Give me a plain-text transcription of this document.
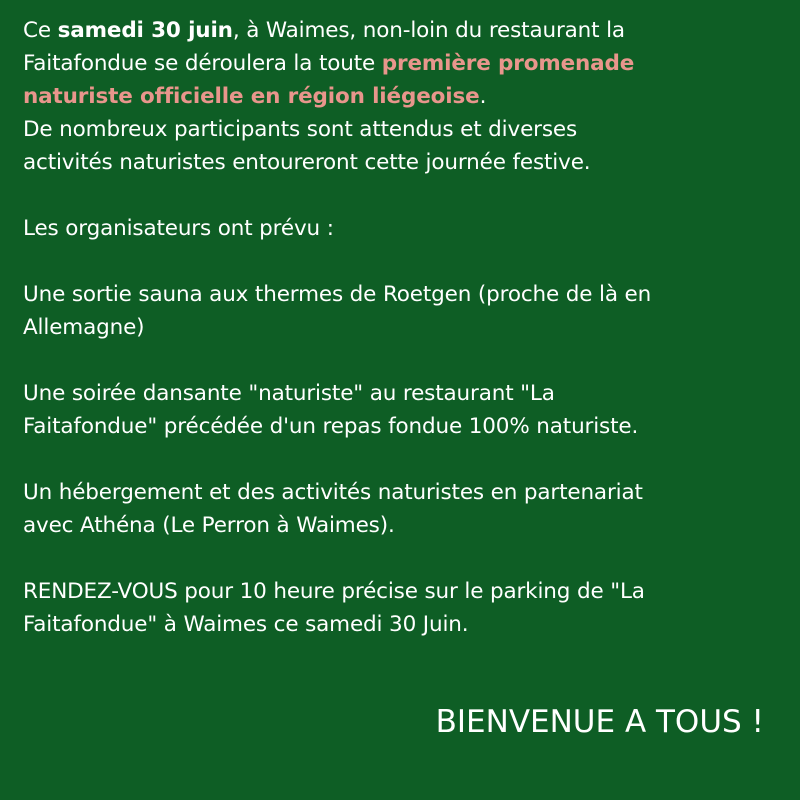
Ce samedi 30 juin, à Waimes, non-loin du restaurant la
Faitafondue se déroulera la toute première promenade
naturiste officielle en région liégeoise.
De nombreux participants sont attendus et diverses
activités naturistes entoureront cette journée festive.

Les organisateurs ont prévu :

Une sortie sauna aux thermes de Roetgen (proche de là en
Allemagne)

Une soirée dansante "naturiste" au restaurant "La
Faitafondue" précédée d'un repas fondue 100% naturiste.

Un hébergement et des activités naturistes en partenariat
avec Athéna (Le Perron à Waimes).

RENDEZ-VOUS pour 10 heure précise sur le parking de "La
Faitafondue" à Waimes ce samedi 30 Juin.

BIENVENUE A TOUS !
